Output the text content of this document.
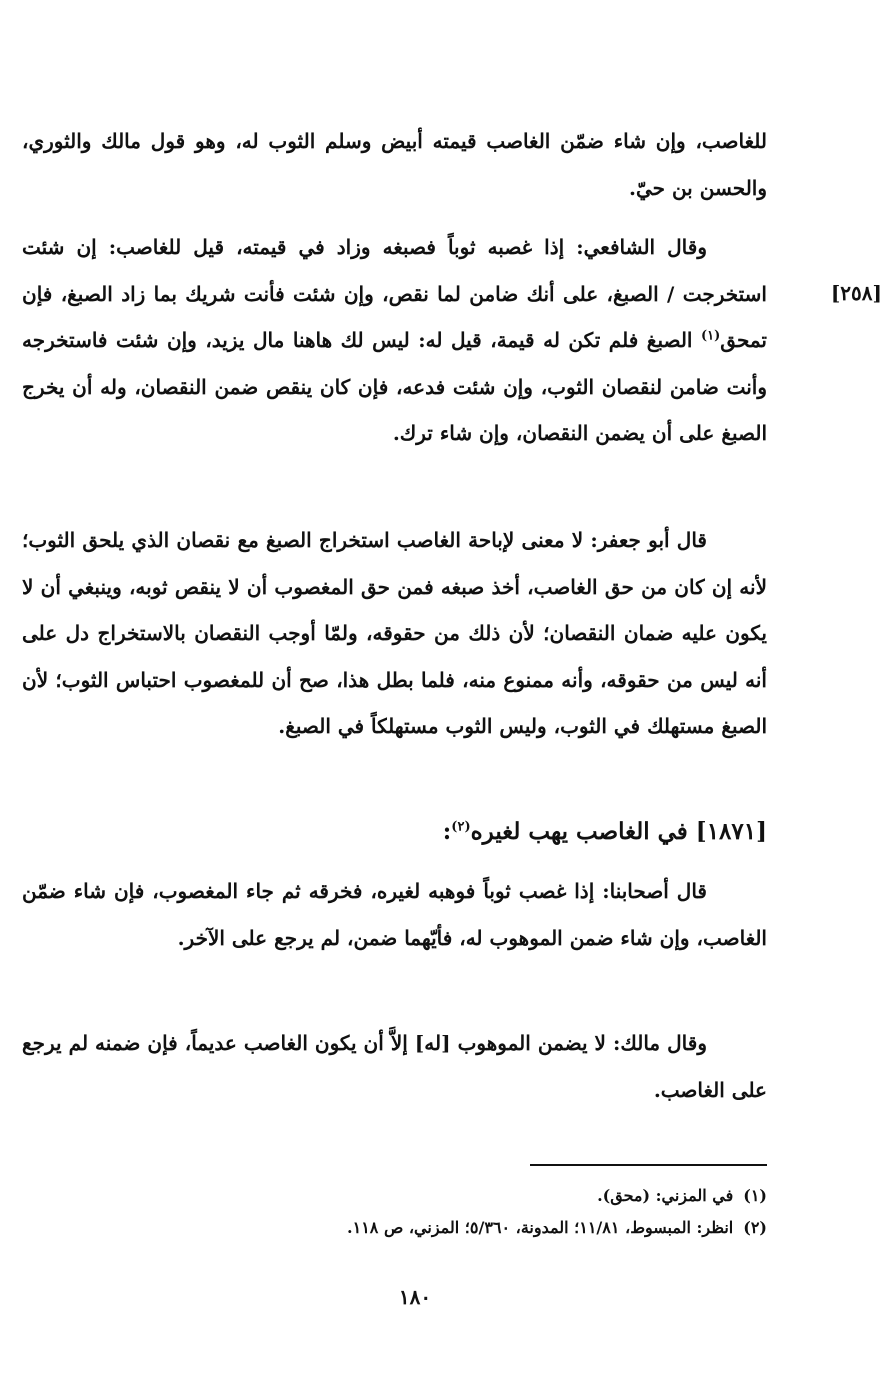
[٢٥٨]

للغاصب، وإن شاء ضمّن الغاصب قيمته أبيض وسلم الثوب له، وهو قول مالك والثوري، والحسن بن حيّ.

وقال الشافعي: إذا غصبه ثوباً فصبغه وزاد في قيمته، قيل للغاصب: إن شئت استخرجت / الصبغ، على أنك ضامن لما نقص، وإن شئت فأنت شريك بما زاد الصبغ، فإن تمحق$^{(١)}$ الصبغ فلم تكن له قيمة، قيل له: ليس لك هاهنا مال يزيد، وإن شئت فاستخرجه وأنت ضامن لنقصان الثوب، وإن شئت فدعه، فإن كان ينقص ضمن النقصان، وله أن يخرج الصبغ على أن يضمن النقصان، وإن شاء ترك.

قال أبو جعفر: لا معنى لإباحة الغاصب استخراج الصبغ مع نقصان الذي يلحق الثوب؛ لأنه إن كان من حق الغاصب، أخذ صبغه فمن حق المغصوب أن لا ينقص ثوبه، وينبغي أن لا يكون عليه ضمان النقصان؛ لأن ذلك من حقوقه، ولمّا أوجب النقصان بالاستخراج دل على أنه ليس من حقوقه، وأنه ممنوع منه، فلما بطل هذا، صح أن للمغصوب احتباس الثوب؛ لأن الصبغ مستهلك في الثوب، وليس الثوب مستهلكاً في الصبغ.

[١٨٧١] في الغاصب يهب لغيره$^{(٢)}$:

قال أصحابنا: إذا غصب ثوباً فوهبه لغيره، فخرقه ثم جاء المغصوب، فإن شاء ضمّن الغاصب، وإن شاء ضمن الموهوب له، فأيّهما ضمن، لم يرجع على الآخر.

وقال مالك: لا يضمن الموهوب [له] إلاَّ أن يكون الغاصب عديماً، فإن ضمنه لم يرجع على الغاصب.

(١)في المزني: (محق).
(٢)انظر: المبسوط، ١١/٨١؛ المدونة، ٥/٣٦٠؛ المزني، ص ١١٨.
١٨٠
